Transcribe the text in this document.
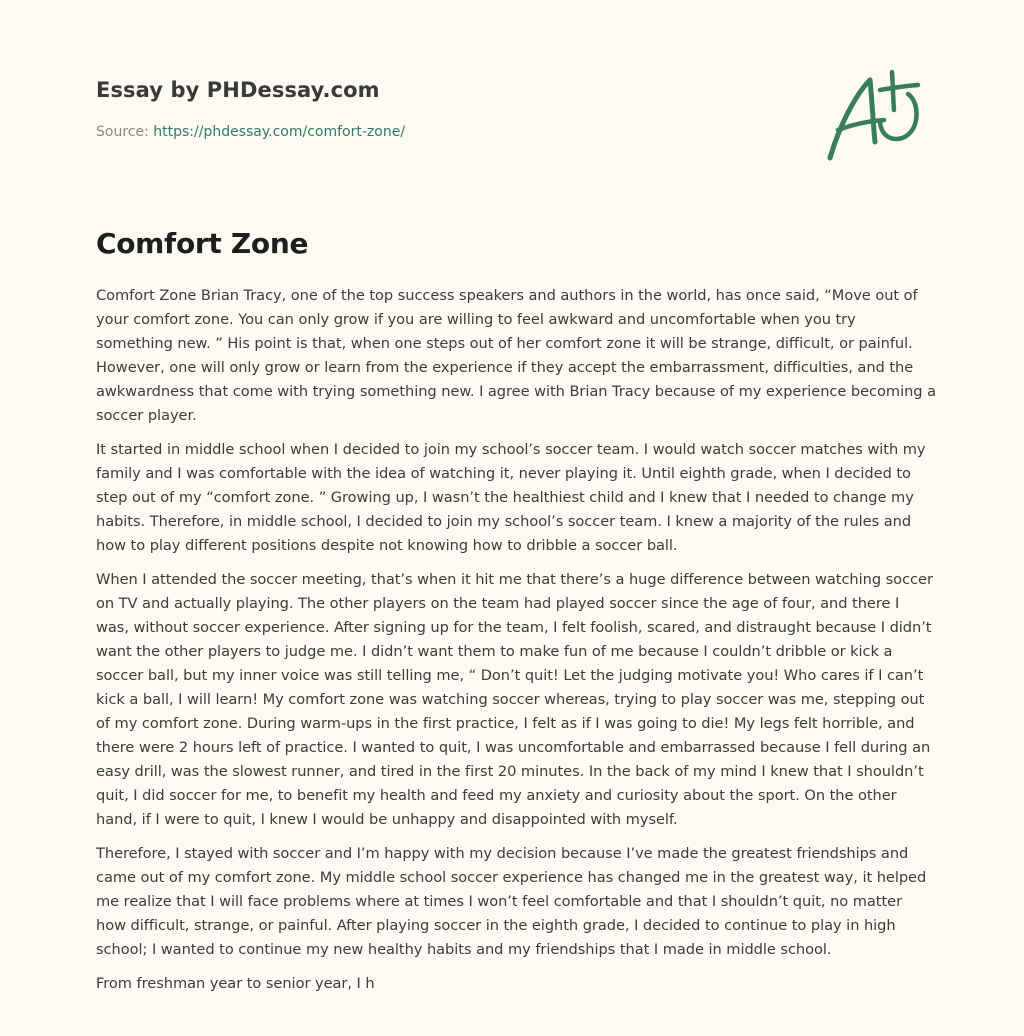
Essay by PHDessay.com
Source: https://phdessay.com/comfort-zone/
Comfort Zone

Comfort Zone Brian Tracy, one of the top success speakers and authors in the world, has once said, “Move out of your comfort zone. You can only grow if you are willing to feel awkward and uncomfortable when you try something new. ” His point is that, when one steps out of her comfort zone it will be strange, difficult, or painful. However, one will only grow or learn from the experience if they accept the embarrassment, difficulties, and the awkwardness that come with trying something new. I agree with Brian Tracy because of my experience becoming a soccer player.

It started in middle school when I decided to join my school’s soccer team. I would watch soccer matches with my family and I was comfortable with the idea of watching it, never playing it. Until eighth grade, when I decided to step out of my “comfort zone. ” Growing up, I wasn’t the healthiest child and I knew that I needed to change my habits. Therefore, in middle school, I decided to join my school’s soccer team. I knew a majority of the rules and how to play different positions despite not knowing how to dribble a soccer ball.

When I attended the soccer meeting, that’s when it hit me that there’s a huge difference between watching soccer on TV and actually playing. The other players on the team had played soccer since the age of four, and there I was, without soccer experience. After signing up for the team, I felt foolish, scared, and distraught because I didn’t want the other players to judge me. I didn’t want them to make fun of me because I couldn’t dribble or kick a soccer ball, but my inner voice was still telling me, “ Don’t quit! Let the judging motivate you! Who cares if I can’t kick a ball, I will learn! My comfort zone was watching soccer whereas, trying to play soccer was me, stepping out of my comfort zone. During warm-ups in the first practice, I felt as if I was going to die! My legs felt horrible, and there were 2 hours left of practice. I wanted to quit, I was uncomfortable and embarrassed because I fell during an easy drill, was the slowest runner, and tired in the first 20 minutes. In the back of my mind I knew that I shouldn’t quit, I did soccer for me, to benefit my health and feed my anxiety and curiosity about the sport. On the other hand, if I were to quit, I knew I would be unhappy and disappointed with myself.

Therefore, I stayed with soccer and I’m happy with my decision because I’ve made the greatest friendships and came out of my comfort zone. My middle school soccer experience has changed me in the greatest way, it helped me realize that I will face problems where at times I won’t feel comfortable and that I shouldn’t quit, no matter how difficult, strange, or painful. After playing soccer in the eighth grade, I decided to continue to play in high school; I wanted to continue my new healthy habits and my friendships that I made in middle school.

From freshman year to senior year, I h
